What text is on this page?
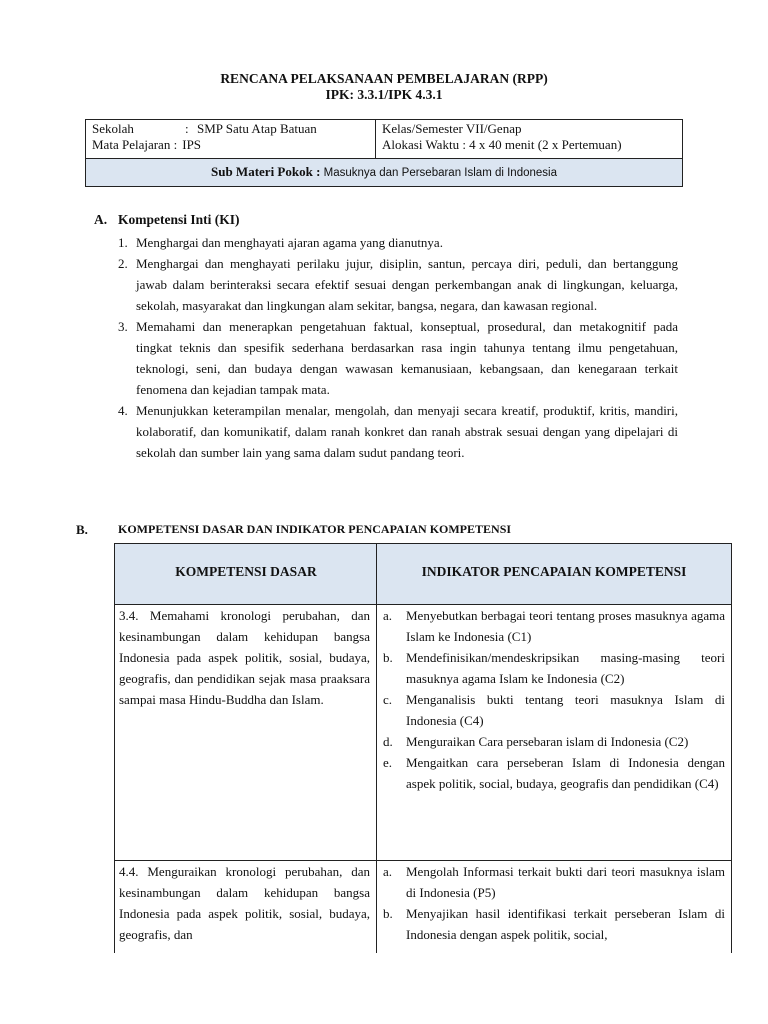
RENCANA PELAKSANAAN PEMBELAJARAN (RPP)
IPK: 3.3.1/IPK 4.3.1
Sekolah	: SMP Satu Atap Batuan
Mata Pelajaran : IPS
Kelas/Semester VII/Genap
Alokasi Waktu : 4 x 40 menit (2 x Pertemuan)
Sub Materi Pokok : Masuknya dan Persebaran Islam di Indonesia
A. Kompetensi Inti (KI)
1. Menghargai dan menghayati ajaran agama yang dianutnya.
2. Menghargai dan menghayati perilaku jujur, disiplin, santun, percaya diri, peduli, dan bertanggung jawab dalam berinteraksi secara efektif sesuai dengan perkembangan anak di lingkungan, keluarga, sekolah, masyarakat dan lingkungan alam sekitar, bangsa, negara, dan kawasan regional.
3. Memahami dan menerapkan pengetahuan faktual, konseptual, prosedural, dan metakognitif pada tingkat teknis dan spesifik sederhana berdasarkan rasa ingin tahunya tentang ilmu pengetahuan, teknologi, seni, dan budaya dengan wawasan kemanusiaan, kebangsaan, dan kenegaraan terkait fenomena dan kejadian tampak mata.
4. Menunjukkan keterampilan menalar, mengolah, dan menyaji secara kreatif, produktif, kritis, mandiri, kolaboratif, dan komunikatif, dalam ranah konkret dan ranah abstrak sesuai dengan yang dipelajari di sekolah dan sumber lain yang sama dalam sudut pandang teori.
B.	KOMPETENSI DASAR DAN INDIKATOR PENCAPAIAN KOMPETENSI
KOMPETENSI DASAR	INDIKATOR PENCAPAIAN KOMPETENSI
3.4. Memahami kronologi perubahan, dan kesinambungan dalam kehidupan bangsa Indonesia pada aspek politik, sosial, budaya, geografis, dan pendidikan sejak masa praaksara sampai masa Hindu-Buddha dan Islam.
a. Menyebutkan berbagai teori tentang proses masuknya agama Islam ke Indonesia (C1)
b. Mendefinisikan/mendeskripsikan masing-masing teori masuknya agama Islam ke Indonesia (C2)
c. Menganalisis bukti tentang teori masuknya Islam di Indonesia (C4)
d. Menguraikan Cara persebaran islam di Indonesia (C2)
e. Mengaitkan cara perseberan Islam di Indonesia dengan aspek politik, social, budaya, geografis dan pendidikan (C4)
4.4. Menguraikan kronologi perubahan, dan kesinambungan dalam kehidupan bangsa Indonesia pada aspek politik, sosial, budaya, geografis, dan
a. Mengolah Informasi terkait bukti dari teori masuknya islam di Indonesia (P5)
b. Menyajikan hasil identifikasi terkait perseberan Islam di Indonesia dengan aspek politik, social,
